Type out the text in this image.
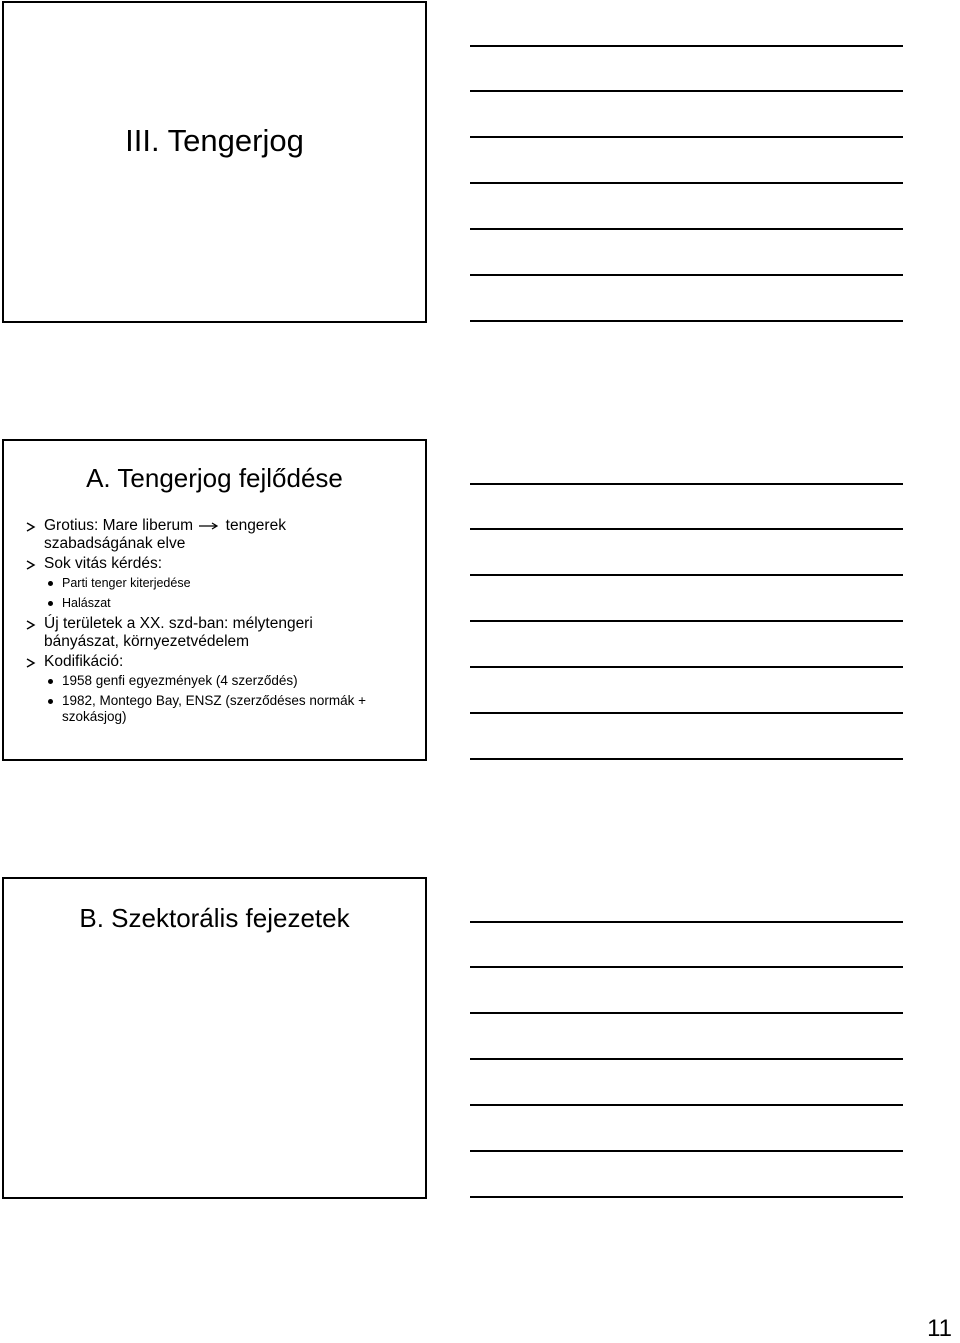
III. Tengerjog
A. Tengerjog fejlődése
Grotius: Mare liberum tengerek
szabadságának elve
Sok vitás kérdés:
Parti tenger kiterjedése
Halászat
Új területek a XX. szd-ban: mélytengeri
bányászat, környezetvédelem
Kodifikáció:
1958 genfi egyezmények (4 szerződés)
1982, Montego Bay, ENSZ (szerződéses normák +
szokásjog)
B. Szektorális fejezetek
11
